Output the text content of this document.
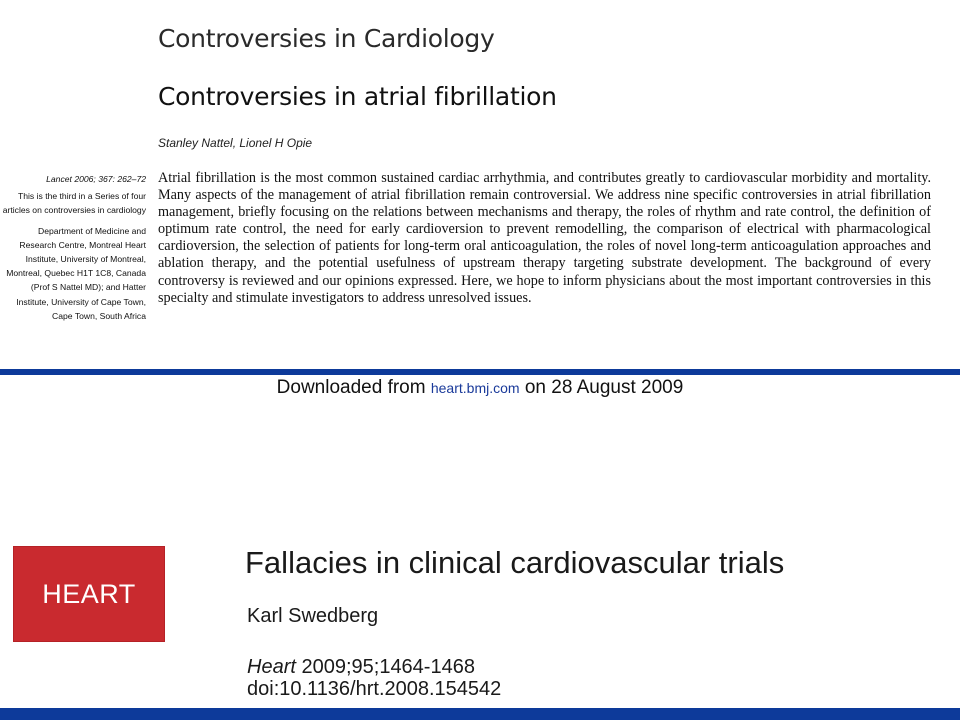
Controversies in Cardiology
Controversies in atrial fibrillation
Stanley Nattel, Lionel H Opie

Lancet 2006; 367: 262–72

This is the third in a Series of four articles on controversies in cardiology

Department of Medicine and Research Centre, Montreal Heart Institute, University of Montreal, Montreal, Quebec H1T 1C8, Canada (Prof S Nattel MD); and Hatter Institute, University of Cape Town, Cape Town, South Africa

Atrial fibrillation is the most common sustained cardiac arrhythmia, and contributes greatly to cardiovascular morbidity and mortality. Many aspects of the management of atrial fibrillation remain controversial. We address nine specific controversies in atrial fibrillation management, briefly focusing on the relations between mechanisms and therapy, the roles of rhythm and rate control, the definition of optimum rate control, the need for early cardioversion to prevent remodelling, the comparison of electrical with pharmacological cardioversion, the selection of patients for long-term oral anticoagulation, the roles of novel long-term anticoagulation approaches and ablation therapy, and the potential usefulness of upstream therapy targeting substrate development. The background of every controversy is reviewed and our opinions expressed. Here, we hope to inform physicians about the most important controversies in this specialty and stimulate investigators to address unresolved issues.

Downloaded from heart.bmj.com on 28 August 2009
HEART
Fallacies in clinical cardiovascular trials
Karl Swedberg
Heart 2009;95;1464-1468
doi:10.1136/hrt.2008.154542
